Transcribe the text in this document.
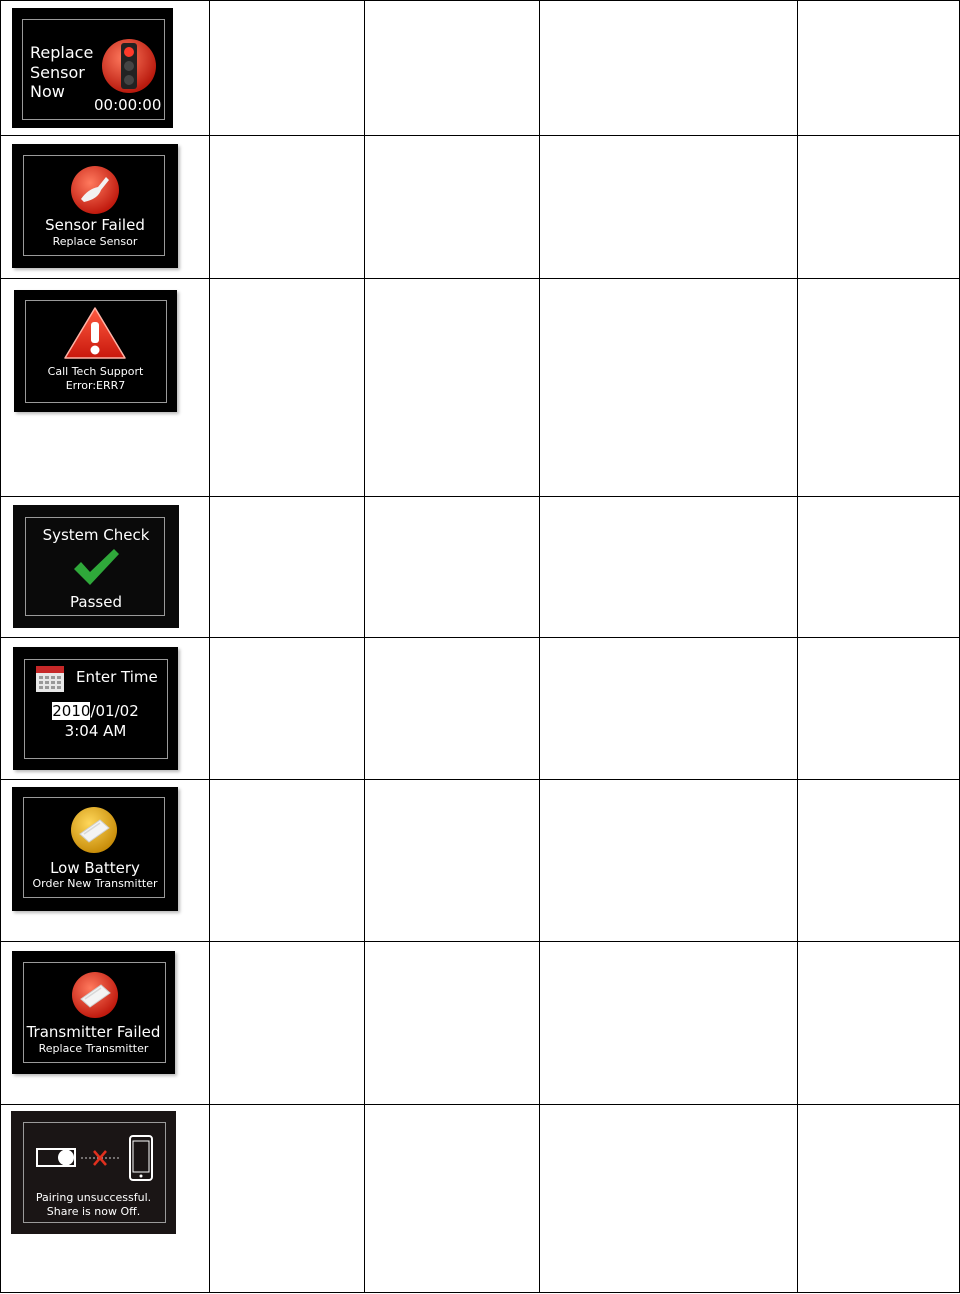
Replace
Sensor
Now
00:00:00				

Sensor Failed
Replace Sensor				

Call Tech Support
Error:ERR7				

System Check
Passed				

Enter Time
2010/01/02
3:04 AM				

Low Battery
Order New Transmitter				

Transmitter Failed
Replace Transmitter				

Pairing unsuccessful.
Share is now Off.				
